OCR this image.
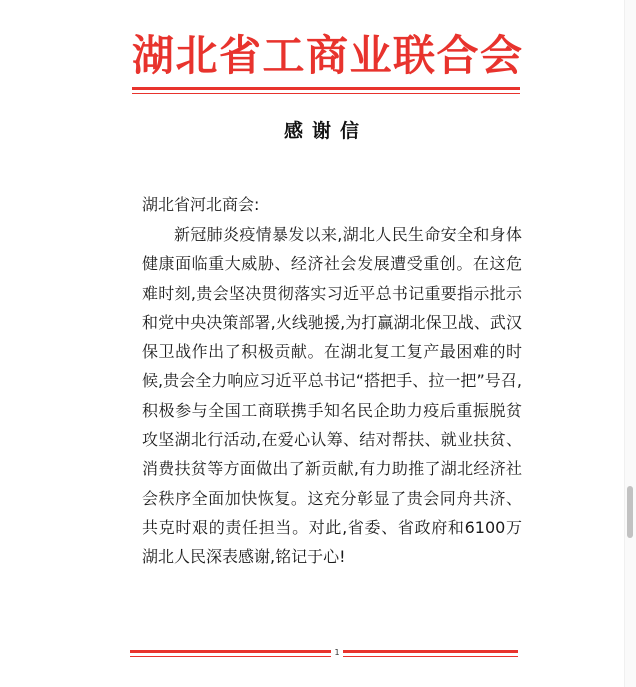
湖 北 省 工 商 业 联 合 会
感谢信

湖北省河北商会:

新冠肺炎疫情暴发以来,湖北人民生命安全和身体健康面临重大威胁、经济社会发展遭受重创。在这危难时刻,贵会坚决贯彻落实习近平总书记重要指示批示和党中央决策部署,火线驰援,为打赢湖北保卫战、武汉保卫战作出了积极贡献。在湖北复工复产最困难的时候,贵会全力响应习近平总书记“搭把手、拉一把”号召,积极参与全国工商联携手知名民企助力疫后重振脱贫攻坚湖北行活动,在爱心认筹、结对帮扶、就业扶贫、消费扶贫等方面做出了新贡献,有力助推了湖北经济社会秩序全面加快恢复。这充分彰显了贵会同舟共济、共克时艰的责任担当。对此,省委、省政府和6100万湖北人民深表感谢,铭记于心!

1
